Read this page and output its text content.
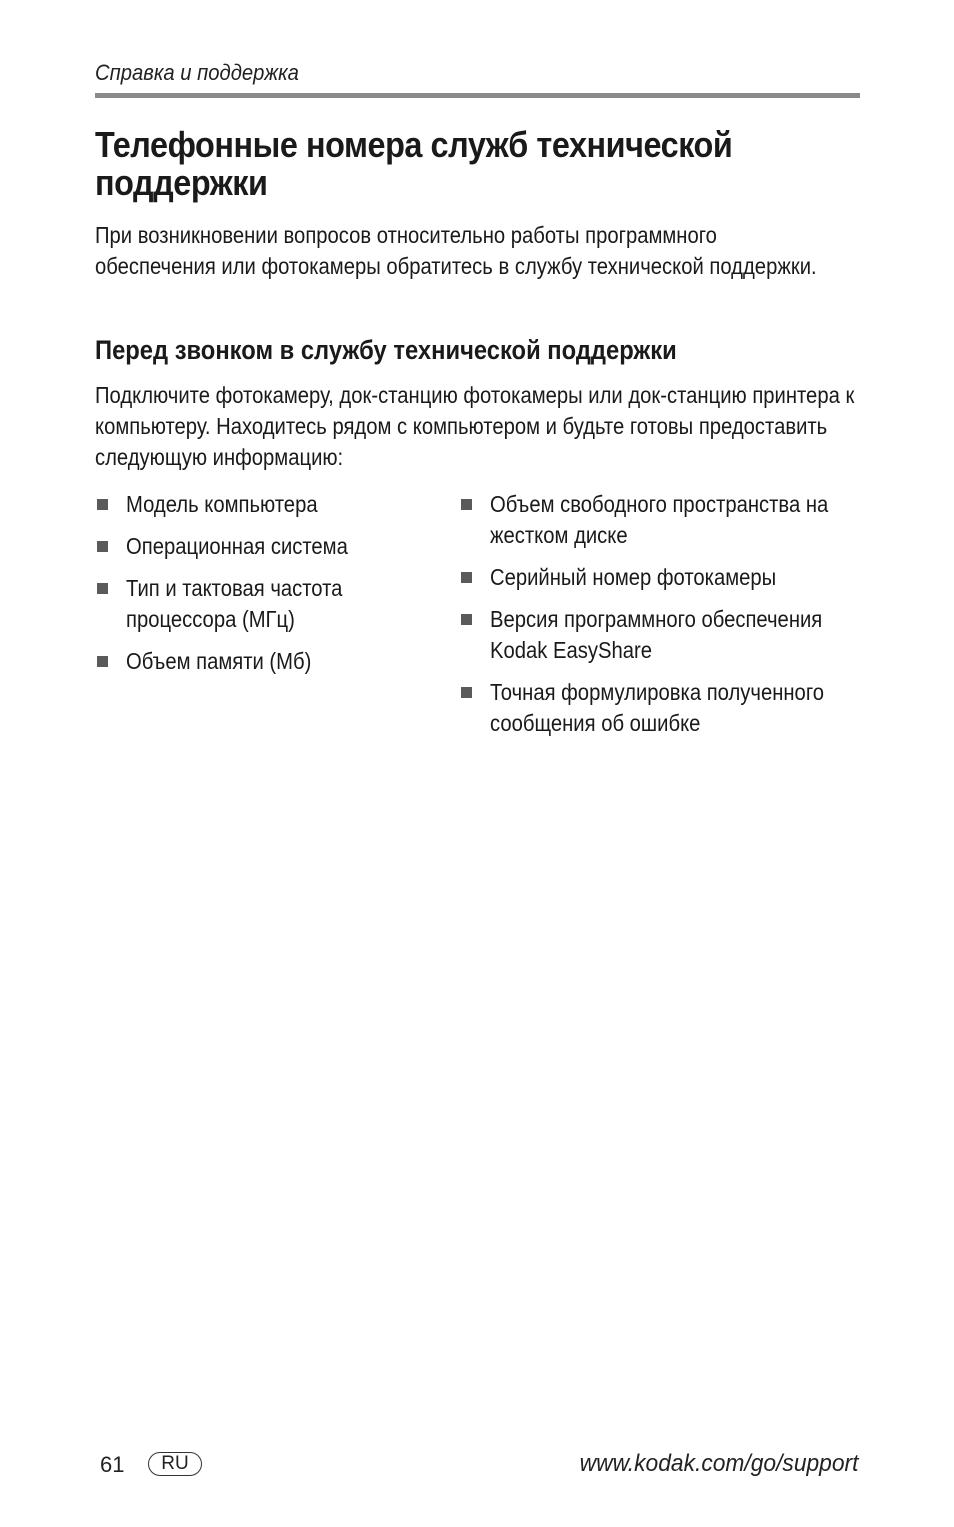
Справка и поддержка
Телефонные номера служб технической поддержки

При возникновении вопросов относительно работы программного обеспечения или фотокамеры обратитесь в службу технической поддержки.

Перед звонком в службу технической поддержки

Подключите фотокамеру, док-станцию фотокамеры или док-станцию принтера к компьютеру. Находитесь рядом с компьютером и будьте готовы предоставить следующую информацию:

Модель компьютера
Операционная система
Тип и тактовая частота процессора (МГц)
Объем памяти (Мб)
Объем свободного пространства на жестком диске
Серийный номер фотокамеры
Версия программного обеспечения Kodak EasyShare
Точная формулировка полученного сообщения об ошибке
61	RU	www.kodak.com/go/support
